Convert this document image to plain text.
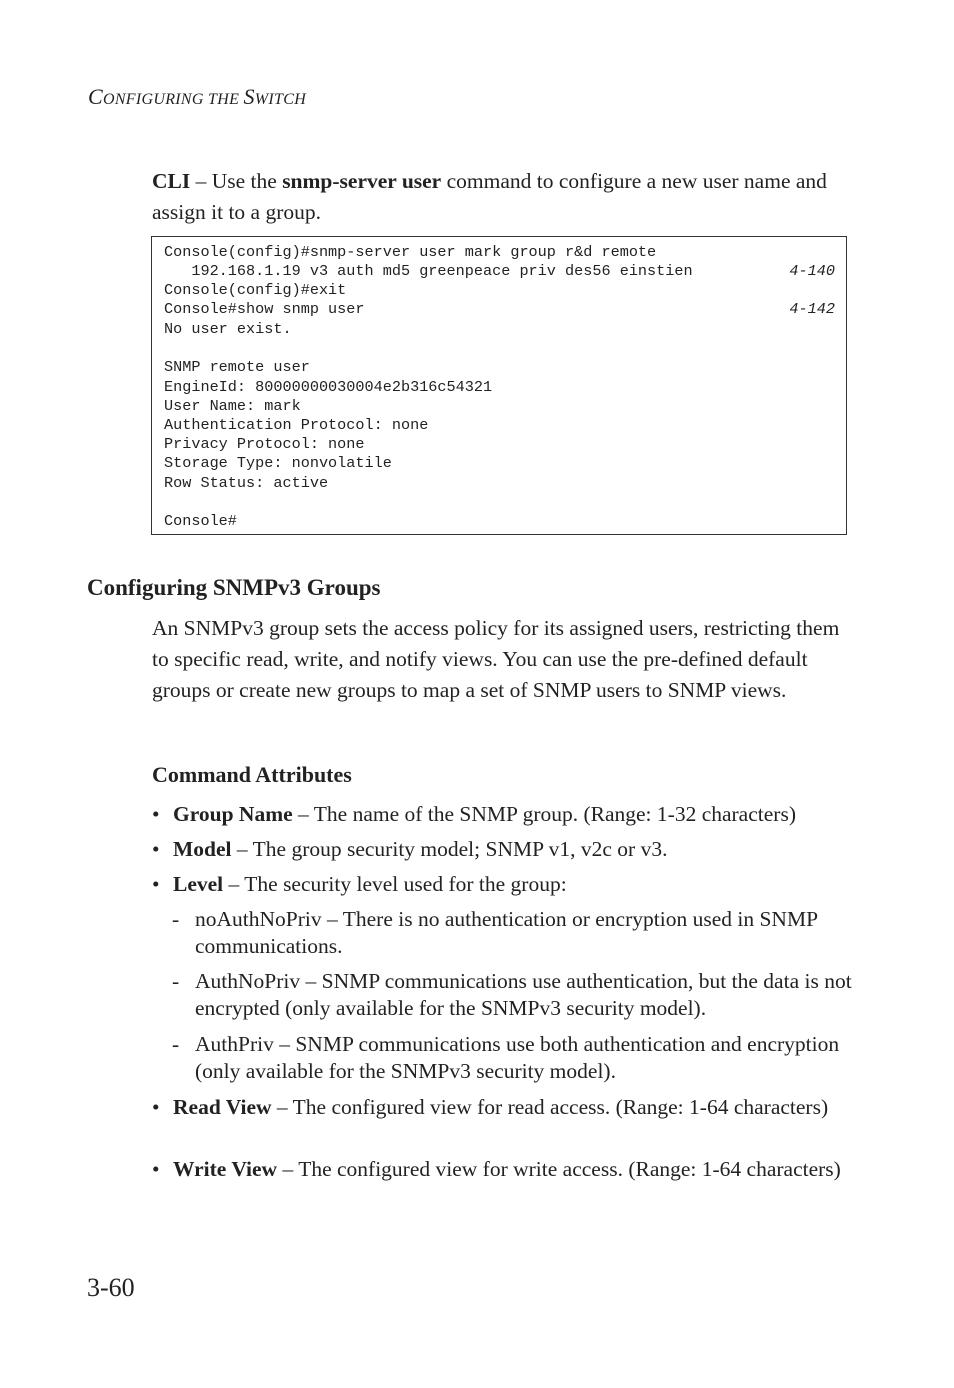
CONFIGURING THE SWITCH
CLI – Use the snmp-server user command to configure a new user name and assign it to a group.
Console(config)#snmp-server user mark group r&d remote
192.168.1.19 v3 auth md5 greenpeace priv des56 einstien	4-140
Console(config)#exit
Console#show snmp user	4-142
No user exist.
SNMP remote user
EngineId: 80000000030004e2b316c54321
User Name: mark
Authentication Protocol: none
Privacy Protocol: none
Storage Type: nonvolatile
Row Status: active
Console#
Configuring SNMPv3 Groups
An SNMPv3 group sets the access policy for its assigned users, restricting them to specific read, write, and notify views. You can use the pre-defined default groups or create new groups to map a set of SNMP users to SNMP views.
Command Attributes
• Group Name – The name of the SNMP group. (Range: 1-32 characters)
• Model – The group security model; SNMP v1, v2c or v3.
• Level – The security level used for the group:
- noAuthNoPriv – There is no authentication or encryption used in SNMP communications.
- AuthNoPriv – SNMP communications use authentication, but the data is not encrypted (only available for the SNMPv3 security model).
- AuthPriv – SNMP communications use both authentication and encryption (only available for the SNMPv3 security model).
• Read View – The configured view for read access. (Range: 1-64 characters)
• Write View – The configured view for write access. (Range: 1-64 characters)
3-60
